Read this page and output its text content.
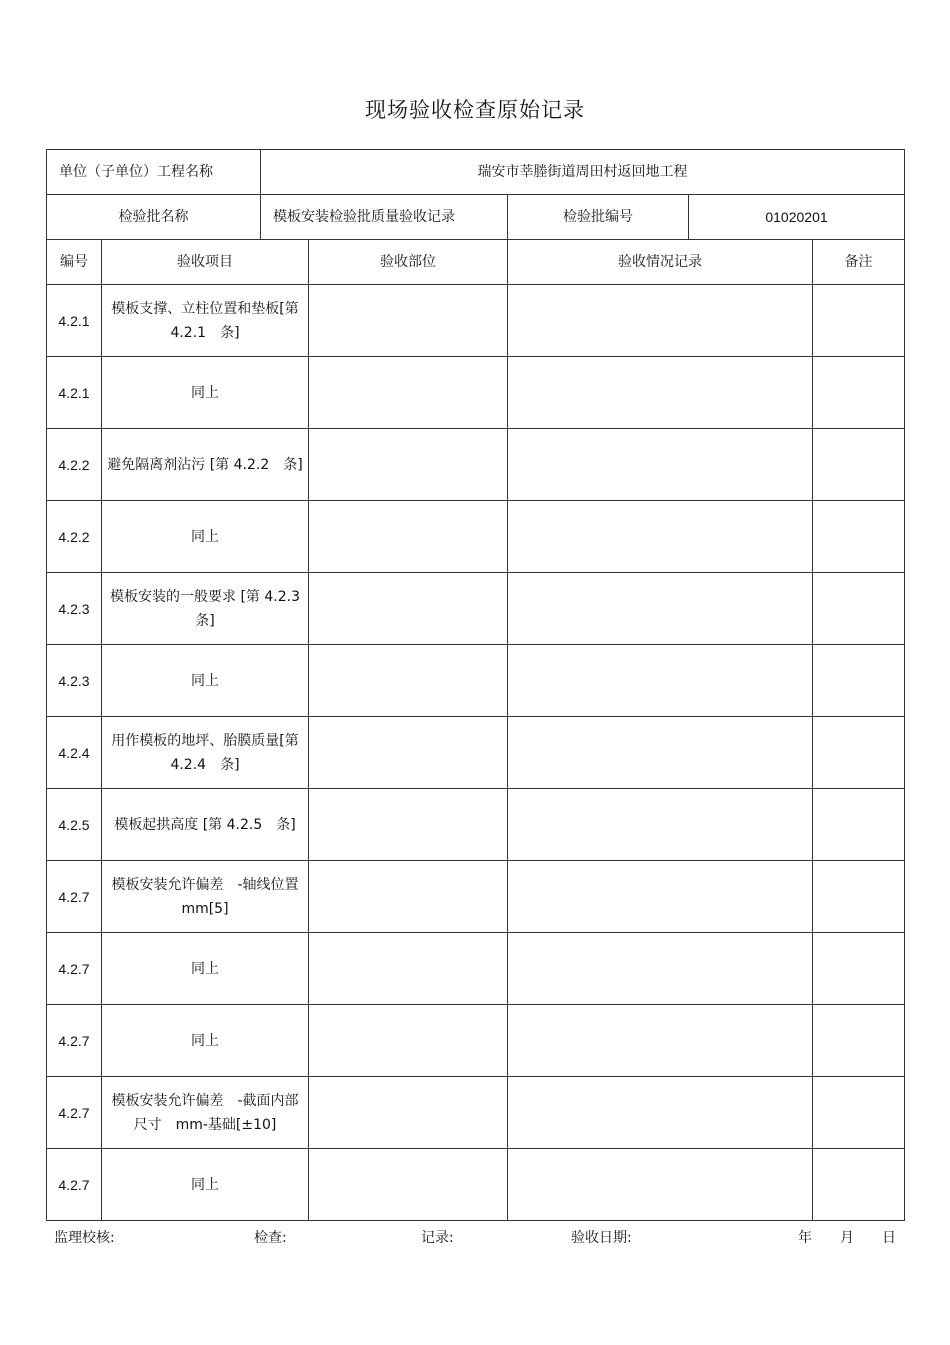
现场验收检查原始记录
单位（子单位）工程名称		瑞安市莘塍街道周田村返回地工程				
检验批名称		模板安装检验批质量验收记录		检验批编号	01020201	
编号	验收项目		验收部位	验收情况记录		备注
4.2.1	模板支撑、立柱位置和垫板[第 4.2.1　条]					
4.2.1	同上					
4.2.2	避免隔离剂沾污 [第 4.2.2　条]					
4.2.2	同上					
4.2.3	模板安装的一般要求 [第 4.2.3　条]					
4.2.3	同上					
4.2.4	用作模板的地坪、胎膜质量[第 4.2.4　条]					
4.2.5	模板起拱高度 [第 4.2.5　条]					
4.2.7	模板安装允许偏差　-轴线位置 mm[5]					
4.2.7	同上					
4.2.7	同上					
4.2.7	模板安装允许偏差　-截面内部尺寸　mm-基础[±10]					
4.2.7	同上					
监理校核:	检查:	记录:	验收日期:	年 月 日
